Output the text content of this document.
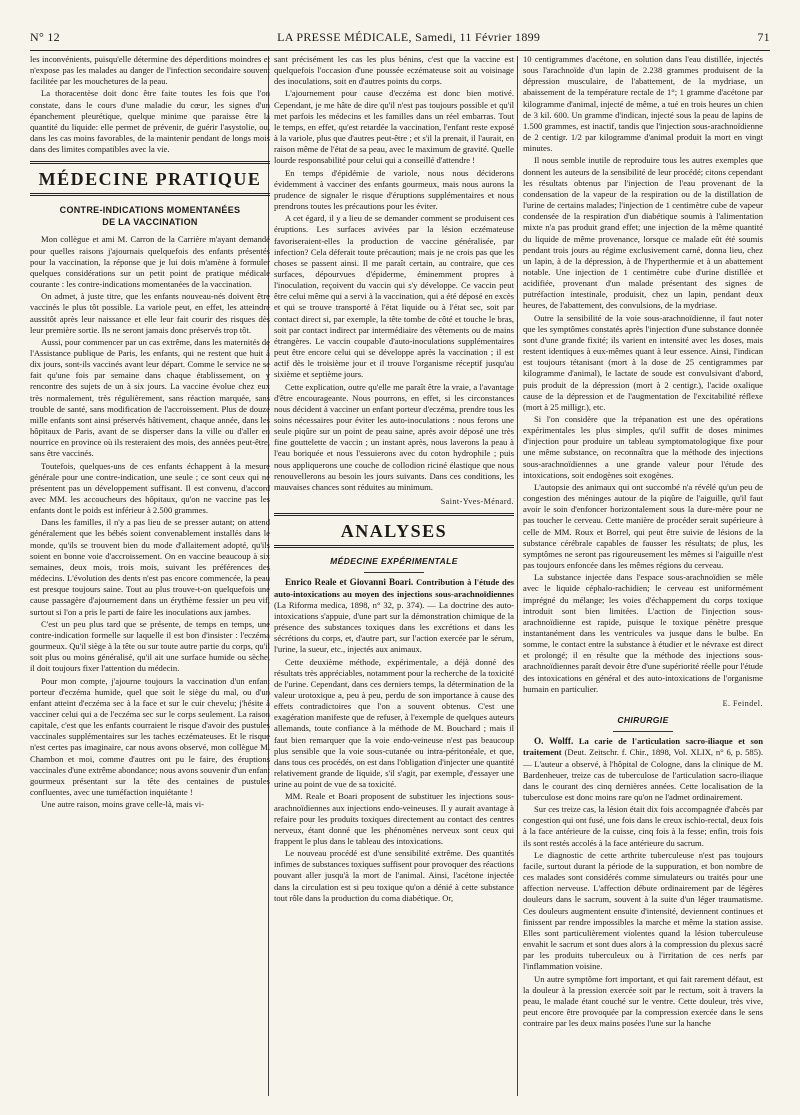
N° 12	LA PRESSE MÉDICALE, Samedi, 11 Février 1899	71

les inconvénients, puisqu'elle détermine des déperditions moindres et n'expose pas les malades au danger de l'infection secondaire souvent facilitée par les mouchetures de la peau.

La thoracentèse doit donc être faite toutes les fois que l'on constate, dans le cours d'une maladie du cœur, les signes d'un épanchement pleurétique, quelque minime que paraisse être la quantité du liquide: elle permet de prévenir, de guérir l'asystolie, ou, dans les cas moins favorables, de la maintenir pendant de longs mois dans des limites compatibles avec la vie.

MÉDECINE PRATIQUE
CONTRE-INDICATIONS MOMENTANÉES
DE LA VACCINATION

Mon collègue et ami M. Carron de la Carrière m'ayant demandé pour quelles raisons j'ajournais quelquefois des enfants présentés pour la vaccination, la réponse que je lui dois m'amène à formuler quelques considérations sur un petit point de pratique médicale courante : les contre-indications momentanées de la vaccination.

On admet, à juste titre, que les enfants nouveau-nés doivent être vaccinés le plus tôt possible. La variole peut, en effet, les atteindre aussitôt après leur naissance et elle leur fait courir des risques dès leur première sortie. Ils ne seront jamais donc préservés trop tôt.

Aussi, pour commencer par un cas extrême, dans les maternités de l'Assistance publique de Paris, les enfants, qui ne restent que huit à dix jours, sont-ils vaccinés avant leur départ. Comme le service ne se fait qu'une fois par semaine dans chaque établissement, on y rencontre des sujets de un à six jours. La vaccine évolue chez eux très normalement, très régulièrement, sans réaction marquée, sans trouble de santé, sans modification de l'accroissement. Plus de douze mille enfants sont ainsi préservés hâtivement, chaque année, dans les hôpitaux de Paris, avant de se disperser dans la ville ou d'aller en nourrice en province où ils resteraient des mois, des années peut-être, sans être vaccinés.

Toutefois, quelques-uns de ces enfants échappent à la mesure générale pour une contre-indication, une seule ; ce sont ceux qui ne présentent pas un développement suffisant. Il est convenu, d'accord avec MM. les accoucheurs des hôpitaux, qu'on ne vaccine pas les enfants dont le poids est inférieur à 2.500 grammes.

Dans les familles, il n'y a pas lieu de se presser autant; on attend généralement que les bébés soient convenablement installés dans le monde, qu'ils se trouvent bien du mode d'allaitement adopté, qu'ils soient en bonne voie d'accroissement. On en vaccine beaucoup à six semaines, deux mois, trois mois, suivant les préférences des médecins. L'évolution des dents n'est pas encore commencée, la peau est presque toujours saine. Tout au plus trouve-t-on quelquefois une cause passagère d'ajournement dans un érythème fessier un peu vif, surtout si l'on a pris le parti de faire les inoculations aux jambes.

C'est un peu plus tard que se présente, de temps en temps, une contre-indication formelle sur laquelle il est bon d'insister : l'eczéma gourmeux. Qu'il siège à la tête ou sur toute autre partie du corps, qu'il soit plus ou moins généralisé, qu'il ait une surface humide ou sèche, il doit toujours fixer l'attention du médecin.

Pour mon compte, j'ajourne toujours la vaccination d'un enfant porteur d'eczéma humide, quel que soit le siège du mal, ou d'un enfant atteint d'eczéma sec à la face et sur le cuir chevelu; j'hésite à vacciner celui qui a de l'eczéma sec sur le corps seulement. La raison capitale, c'est que les enfants courraient le risque d'avoir des pustules vaccinales supplémentaires sur les taches eczémateuses. Et le risque n'est certes pas imaginaire, car nous avons observé, mon collègue M. Chambon et moi, comme d'autres ont pu le faire, des éruptions vaccinales d'une extrême abondance; nous avons souvenir d'un enfant gourmeux présentant sur la tête des centaines de pustules confluentes, avec une tuméfaction inquiétante !

Une autre raison, moins grave celle-là, mais vi-

sant précisément les cas les plus bénins, c'est que la vaccine est quelquefois l'occasion d'une poussée eczémateuse soit au voisinage des inoculations, soit en d'autres points du corps.

L'ajournement pour cause d'eczéma est donc bien motivé. Cependant, je me hâte de dire qu'il n'est pas toujours possible et qu'il met parfois les médecins et les familles dans un réel embarras. Tout le temps, en effet, qu'est retardée la vaccination, l'enfant reste exposé à la variole, plus que d'autres peut-être ; et s'il la prenait, il l'aurait, en raison même de l'état de sa peau, avec le maximum de gravité. Quelle lourde responsabilité pour celui qui a conseillé d'attendre !

En temps d'épidémie de variole, nous nous déciderons évidemment à vacciner des enfants gourmeux, mais nous aurons la prudence de signaler le risque d'éruptions supplémentaires et nous prendrons toutes les précautions pour les éviter.

A cet égard, il y a lieu de se demander comment se produisent ces éruptions. Les surfaces avivées par la lésion eczémateuse favoriseraient-elles la production de vaccine généralisée, par infection? Cela déferait toute précaution; mais je ne crois pas que les choses se passent ainsi. Il me paraît certain, au contraire, que ces surfaces, dépourvues d'épiderme, éminemment propres à l'inoculation, reçoivent du vaccin qui s'y développe. Ce vaccin peut être celui même qui a servi à la vaccination, qui a été déposé en excès et qui se trouve transporté à l'état liquide ou à l'état sec, soit par contact direct si, par exemple, la tête tombe de côté et touche le bras, soit par contact indirect par intermédiaire des vêtements ou de mains étrangères. Le vaccin coupable d'auto-inoculations supplémentaires peut être encore celui qui se développe après la vaccination ; il est actif dès le troisième jour et il trouve l'organisme réceptif jusqu'au sixième et septième jours.

Cette explication, outre qu'elle me paraît être la vraie, a l'avantage d'être encourageante. Nous pourrons, en effet, si les circonstances nous décident à vacciner un enfant porteur d'eczéma, prendre tous les soins nécessaires pour éviter les auto-inoculations : nous ferons une seule piqûre sur un point de peau saine, après avoir déposé une très fine gouttelette de vaccin ; un instant après, nous laverons la peau à l'eau boriquée et nous l'essuierons avec du coton hydrophile ; puis nous appliquerons une couche de collodion riciné élastique que nous renouvellerons au besoin les jours suivants. Dans ces conditions, les mauvaises chances sont réduites au minimum.

Saint-Yves-Ménard.
ANALYSES
MÉDECINE EXPÉRIMENTALE

Enrico Reale et Giovanni Boari. Contribution à l'étude des auto-intoxications au moyen des injections sous-arachnoïdiennes (La Riforma medica, 1898, n° 32, p. 374). — La doctrine des auto-intoxications s'appuie, d'une part sur la démonstration chimique de la présence des substances toxiques dans les excrétions et dans les sécrétions du corps, et, d'autre part, sur l'action exercée par le sérum, l'urine, la sueur, etc., injectés aux animaux.

Cette deuxième méthode, expérimentale, a déjà donné des résultats très appréciables, notamment pour la recherche de la toxicité de l'urine. Cependant, dans ces derniers temps, la détermination de la valeur urotoxique a, peu à peu, perdu de son importance à cause des effets contradictoires que l'on a souvent obtenus. C'est une exagération manifeste que de refuser, à l'exemple de quelques auteurs allemands, toute confiance à la méthode de M. Bouchard ; mais il faut bien remarquer que la voie endo-veineuse n'est pas beaucoup plus sensible que la voie sous-cutanée ou intra-péritonéale, et que, dans tous ces procédés, on est dans l'obligation d'injecter une quantité relativement grande de liquide, s'il s'agit, par exemple, d'essayer une urine au point de vue de sa toxicité.

MM. Reale et Boari proposent de substituer les injections sous-arachnoïdiennes aux injections endo-veineuses. Il y aurait avantage à refaire pour les produits toxiques directement au contact des centres nerveux, étant donné que les phénomènes nerveux sont ceux qui frappent le plus dans le tableau des intoxications.

Le nouveau procédé est d'une sensibilité extrême. Des quantités infimes de substances toxiques suffisent pour provoquer des réactions pouvant aller jusqu'à la mort de l'animal. Ainsi, l'acétone injectée dans la circulation est si peu toxique qu'on a dénié à cette substance tout rôle dans la production du coma diabétique. Or,

10 centigrammes d'acétone, en solution dans l'eau distillée, injectés sous l'arachnoïde d'un lapin de 2.238 grammes produisent de la dépression musculaire, de l'abattement, de la mydriase, un abaissement de la température rectale de 1°; 1 gramme d'acétone par kilogramme d'animal, injecté de même, a tué en trois heures un chien de 3 kil. 600. Un gramme d'indican, injecté sous la peau de lapins de 1.500 grammes, est inactif, tandis que l'injection sous-arachnoïdienne de 2 centigr. 1/2 par kilogramme d'animal produit la mort en vingt minutes.

Il nous semble inutile de reproduire tous les autres exemples que donnent les auteurs de la sensibilité de leur procédé; citons cependant les résultats obtenus par l'injection de l'eau provenant de la condensation de la vapeur de la respiration ou de la distillation de l'urine de certains malades; l'injection de 1 centimètre cube de vapeur condensée de la respiration d'un diabétique soumis à l'alimentation mixte n'a pas produit grand effet; une injection de la même quantité du liquide de même provenance, lorsque ce malade eût été soumis pendant trois jours au régime exclusivement carné, donna lieu, chez un lapin, à de la dépression, à de l'hyperthermie et à un abattement notable. Une injection de 1 centimètre cube d'urine distillée et acidifiée, provenant d'un malade présentant des signes de putréfaction intestinale, produisit, chez un lapin, pendant deux heures, de l'abattement, des convulsions, de la mydriase.

Outre la sensibilité de la voie sous-arachnoïdienne, il faut noter que les symptômes constatés après l'injection d'une substance donnée sont d'une grande fixité; ils varient en intensité avec les doses, mais restent identiques à eux-mêmes quant à leur essence. Ainsi, l'indican est toujours tétanisant (mort à la dose de 25 centigrammes par kilogramme d'animal), le lactate de soude est convulsivant d'abord, puis produit de la dépression (mort à 2 centigr.), l'acide oxalique cause de la dépression et de l'augmentation de l'excitabilité réflexe (mort à 25 milligr.), etc.

Si l'on considère que la trépanation est une des opérations expérimentales les plus simples, qu'il suffit de doses minimes d'injection pour produire un tableau symptomatologique fixe pour une même substance, on reconnaîtra que la méthode des injections sous-arachnoïdiennes a une grande valeur pour l'étude des intoxications, soit endogènes soit exogènes.

L'autopsie des animaux qui ont succombé n'a révélé qu'un peu de congestion des méninges autour de la piqûre de l'aiguille, qu'il faut avoir le soin d'enfoncer horizontalement sous la dure-mère pour ne pas toucher le cerveau. Cette manière de procéder serait supérieure à celle de MM. Roux et Borrel, qui peut être suivie de lésions de la substance cérébrale capables de fausser les résultats; de plus, les symptômes ne seront pas rigoureusement les mêmes si l'aiguille n'est pas toujours enfoncée dans les mêmes régions du cerveau.

La substance injectée dans l'espace sous-arachnoïdien se mêle avec le liquide céphalo-rachidien; le cerveau est uniformément imprégné du mélange; les voies d'échappement du corps toxique introduit sont bien limitées. L'action de l'injection sous-arachnoïdienne est rapide, puisque le toxique pénètre presque instantanément dans les ventricules va jusque dans le bulbe. En somme, le contact entre la substance à étudier et le névraxe est direct et prolongé; il en résulte que la méthode des injections sous-arachnoïdiennes paraît devoir être d'une supériorité réelle pour l'étude des intoxications en général et des auto-intoxications de l'organisme humain en particulier.

E. Feindel.
CHIRURGIE

O. Wolff. La carie de l'articulation sacro-iliaque et son traitement (Deut. Zeitschr. f. Chir., 1898, Vol. XLIX, n° 6, p. 585). — L'auteur a observé, à l'hôpital de Cologne, dans la clinique de M. Bardenheuer, treize cas de tuberculose de l'articulation sacro-iliaque dans le courant des cinq dernières années. Cette localisation de la tuberculose est donc moins rare qu'on ne l'admet ordinairement.

Sur ces treize cas, la lésion était dix fois accompagnée d'abcès par congestion qui ont fusé, une fois dans le creux ischio-rectal, deux fois à la face antérieure de la cuisse, cinq fois à la fesse; enfin, trois fois ils sont restés accolés à la face antérieure du sacrum.

Le diagnostic de cette arthrite tuberculeuse n'est pas toujours facile, surtout durant la période de la suppuration, et bon nombre de ces malades sont considérés comme simulateurs ou traités pour une affection nerveuse. L'affection débute ordinairement par de légères douleurs dans le sacrum, souvent à la suite d'un léger traumatisme. Ces douleurs augmentent ensuite d'intensité, deviennent continues et finissent par rendre impossibles la marche et même la station assise. Elles sont particulièrement violentes quand la lésion tuberculeuse envahit le sacrum et sont dues alors à la compression du plexus sacré par les produits tuberculeux ou à l'irritation de ces nerfs par l'inflammation voisine.

Un autre symptôme fort important, et qui fait rarement défaut, est la douleur à la pression exercée soit par le rectum, soit à travers la peau, le malade étant couché sur le ventre. Cette douleur, très vive, peut encore être provoquée par la compression exercée dans le sens contraire par les deux mains posées l'une sur la hanche
